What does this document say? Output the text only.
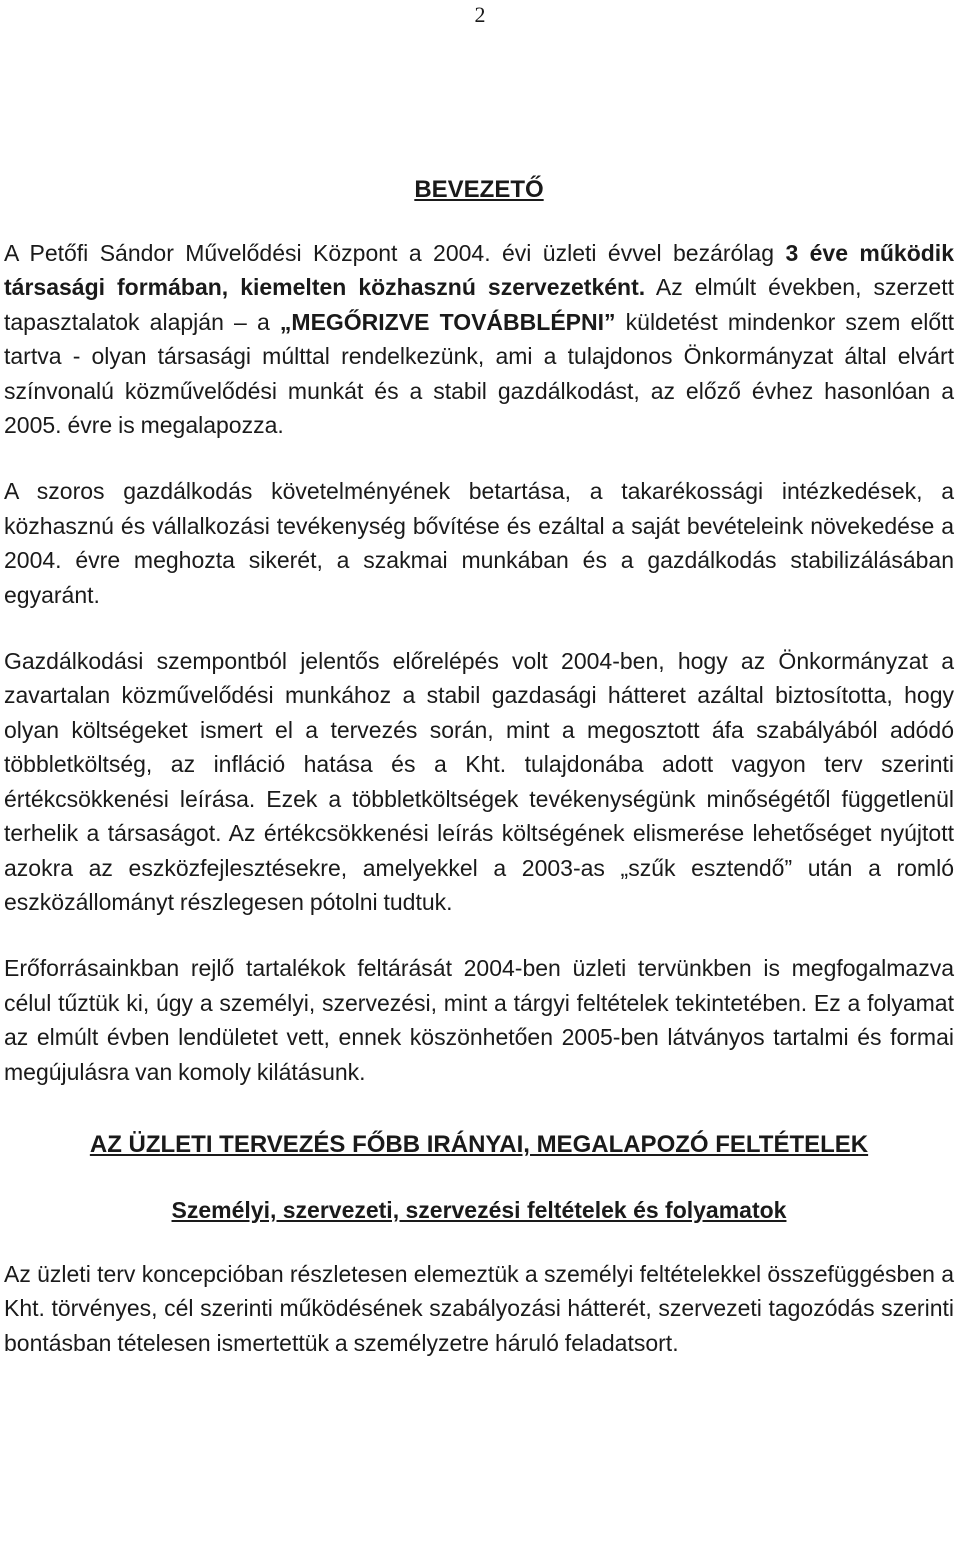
2
BEVEZETŐ

A Petőfi Sándor Művelődési Központ a 2004. évi üzleti évvel bezárólag 3 éve működik társasági formában, kiemelten közhasznú szervezetként. Az elmúlt években, szerzett tapasztalatok alapján – a „MEGŐRIZVE TOVÁBBLÉPNI” küldetést mindenkor szem előtt tartva - olyan társasági múlttal rendelkezünk, ami a tulajdonos Önkormányzat által elvárt színvonalú közművelődési munkát és a stabil gazdálkodást, az előző évhez hasonlóan a 2005. évre is megalapozza.

A szoros gazdálkodás követelményének betartása, a takarékossági intézkedések, a közhasznú és vállalkozási tevékenység bővítése és ezáltal a saját bevételeink növekedése a 2004. évre meghozta sikerét, a szakmai munkában és a gazdálkodás stabilizálásában egyaránt.

Gazdálkodási szempontból jelentős előrelépés volt 2004-ben, hogy az Önkormányzat a zavartalan közművelődési munkához a stabil gazdasági hátteret azáltal biztosította, hogy olyan költségeket ismert el a tervezés során, mint a megosztott áfa szabályából adódó többletköltség, az infláció hatása és a Kht. tulajdonába adott vagyon terv szerinti értékcsökkenési leírása. Ezek a többletköltségek tevékenységünk minőségétől függetlenül terhelik a társaságot. Az értékcsökkenési leírás költségének elismerése lehetőséget nyújtott azokra az eszközfejlesztésekre, amelyekkel a 2003-as „szűk esztendő” után a romló eszközállományt részlegesen pótolni tudtuk.

Erőforrásainkban rejlő tartalékok feltárását 2004-ben üzleti tervünkben is megfogalmazva célul tűztük ki, úgy a személyi, szervezési, mint a tárgyi feltételek tekintetében. Ez a folyamat az elmúlt évben lendületet vett, ennek köszönhetően 2005-ben látványos tartalmi és formai megújulásra van komoly kilátásunk.

AZ ÜZLETI TERVEZÉS FŐBB IRÁNYAI, MEGALAPOZÓ FELTÉTELEK
Személyi, szervezeti, szervezési feltételek és folyamatok

Az üzleti terv koncepcióban részletesen elemeztük a személyi feltételekkel összefüggésben a Kht. törvényes, cél szerinti működésének szabályozási hátterét, szervezeti tagozódás szerinti bontásban tételesen ismertettük a személyzetre háruló feladatsort.
